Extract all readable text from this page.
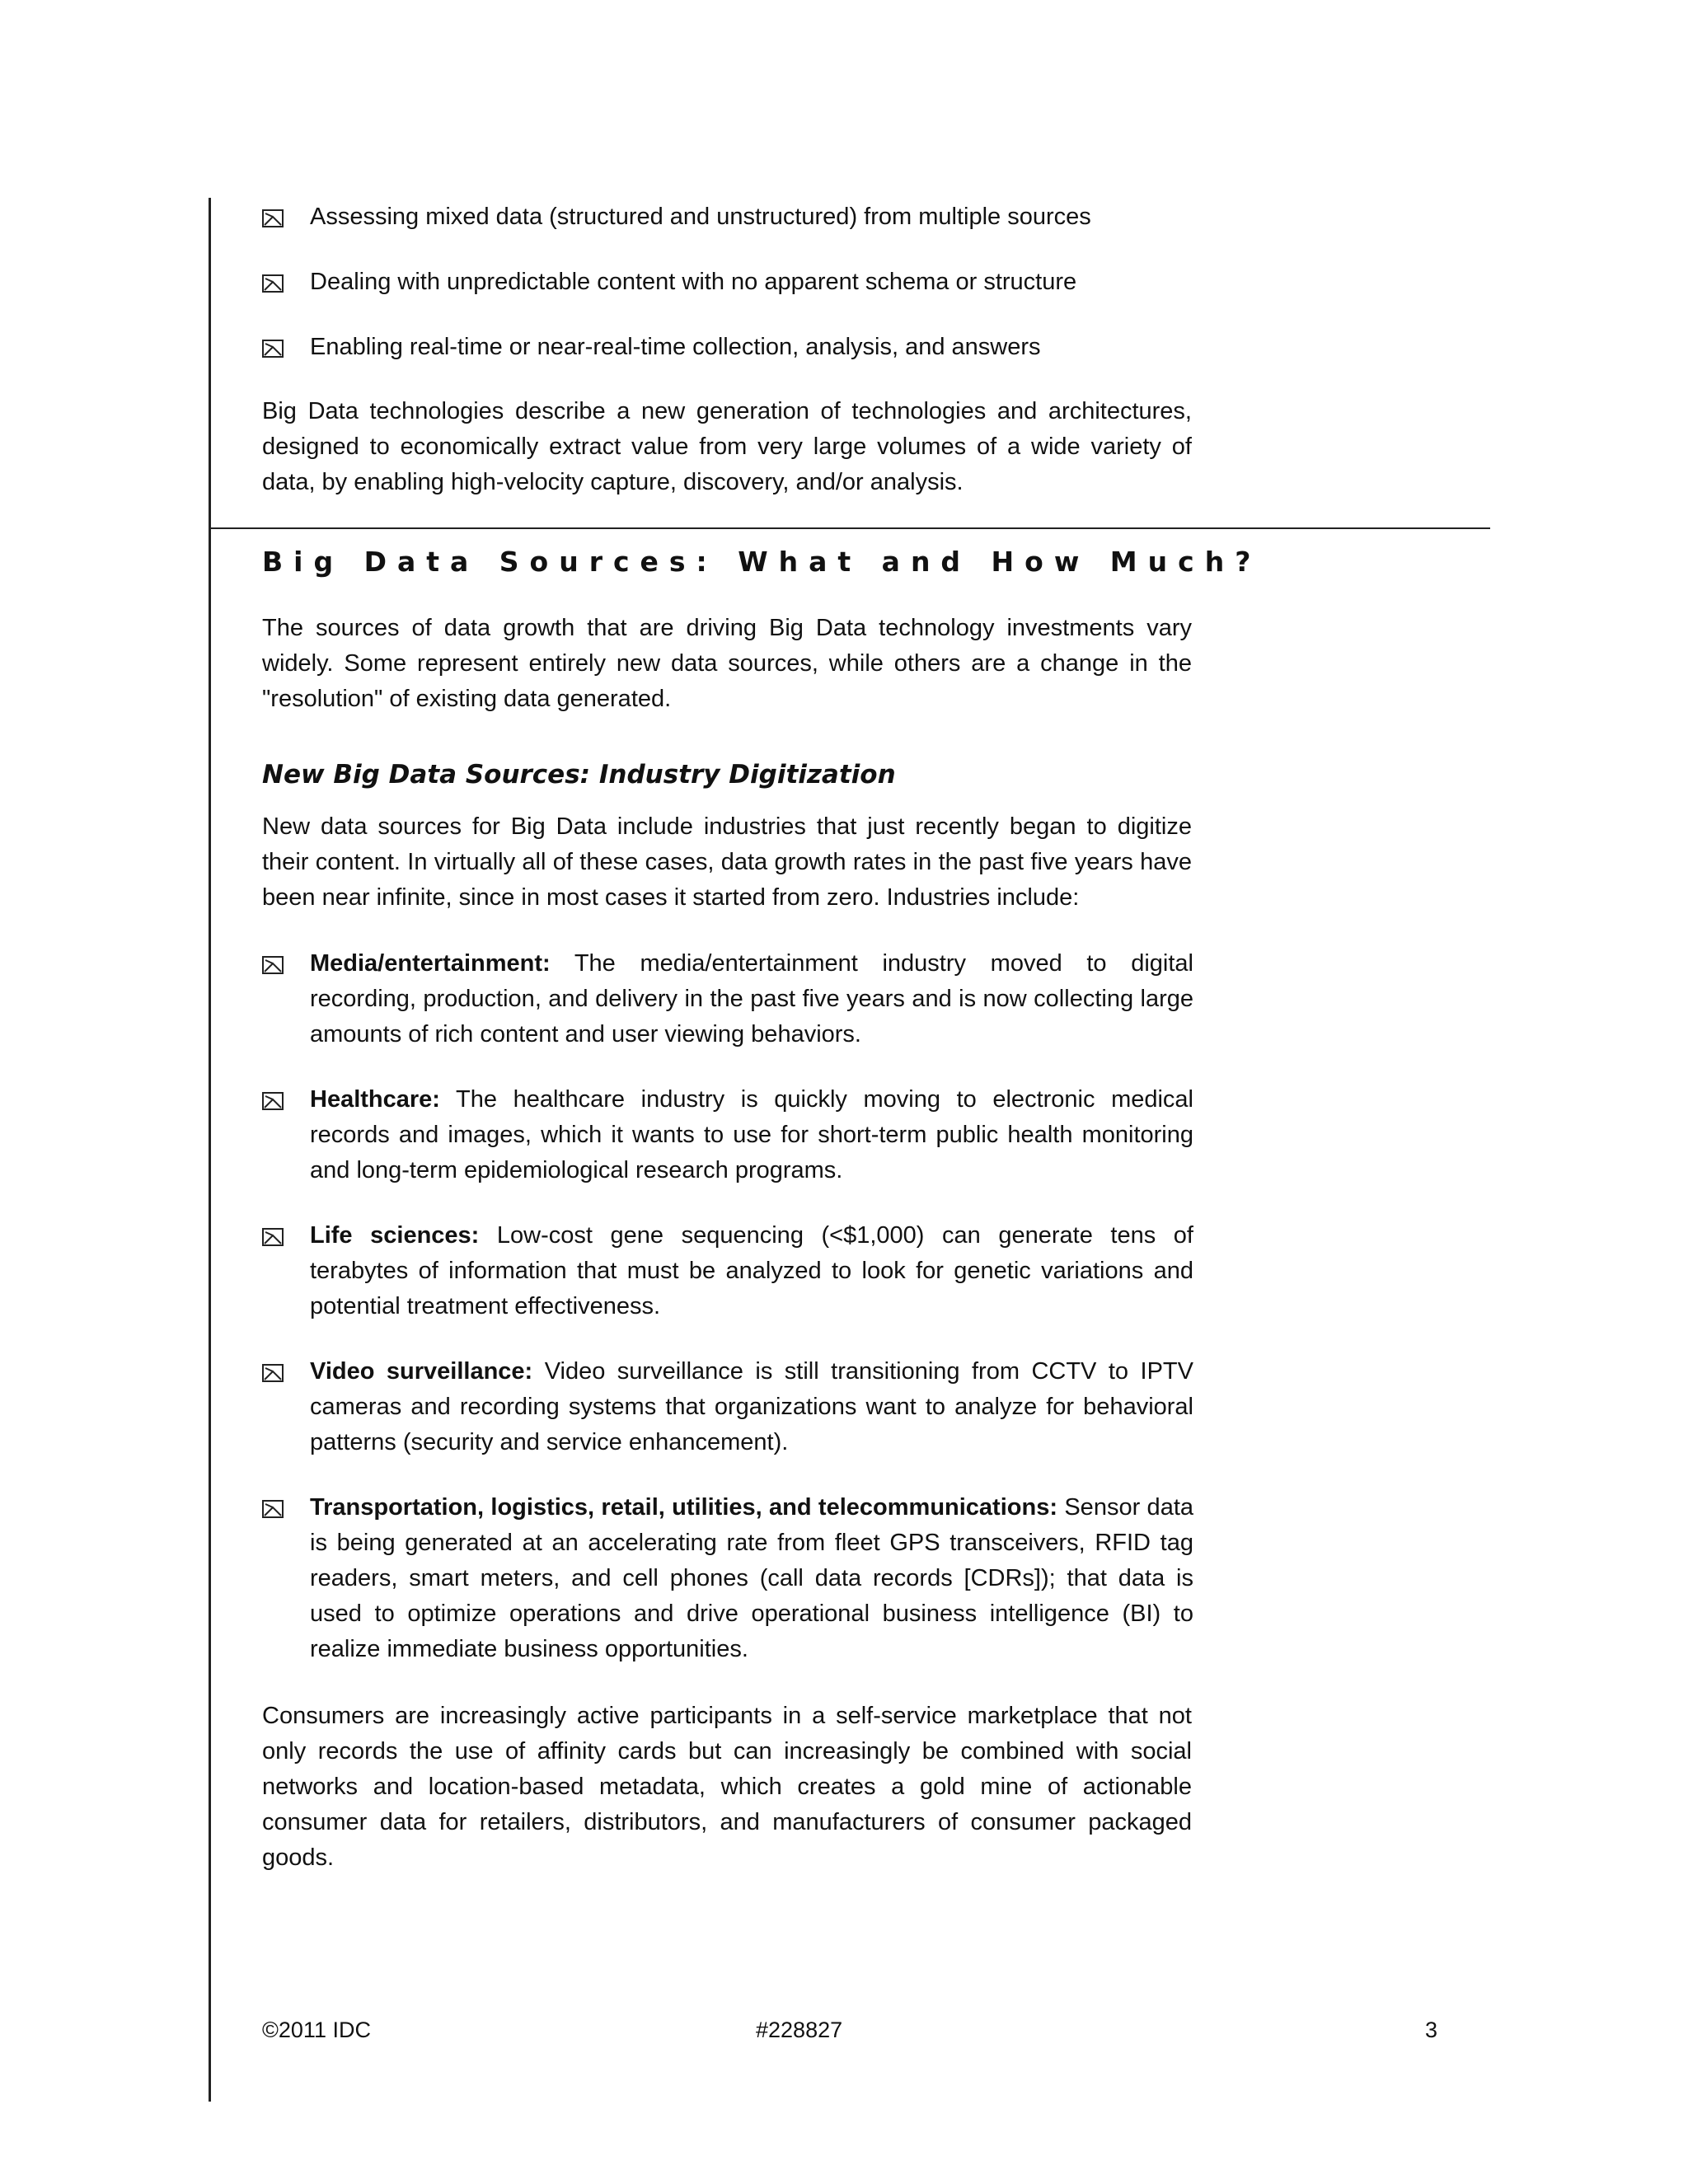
Assessing mixed data (structured and unstructured) from multiple sources
Dealing with unpredictable content with no apparent schema or structure
Enabling real-time or near-real-time collection, analysis, and answers

Big Data technologies describe a new generation of technologies and architectures, designed to economically extract value from very large volumes of a wide variety of data, by enabling high-velocity capture, discovery, and/or analysis.

Big Data Sources: What and How Much?

The sources of data growth that are driving Big Data technology investments vary widely. Some represent entirely new data sources, while others are a change in the "resolution" of existing data generated.

New Big Data Sources: Industry Digitization

New data sources for Big Data include industries that just recently began to digitize their content. In virtually all of these cases, data growth rates in the past five years have been near infinite, since in most cases it started from zero. Industries include:

Media/entertainment: The media/entertainment industry moved to digital recording, production, and delivery in the past five years and is now collecting large amounts of rich content and user viewing behaviors.
Healthcare: The healthcare industry is quickly moving to electronic medical records and images, which it wants to use for short-term public health monitoring and long-term epidemiological research programs.
Life sciences: Low-cost gene sequencing (<$1,000) can generate tens of terabytes of information that must be analyzed to look for genetic variations and potential treatment effectiveness.
Video surveillance: Video surveillance is still transitioning from CCTV to IPTV cameras and recording systems that organizations want to analyze for behavioral patterns (security and service enhancement).
Transportation, logistics, retail, utilities, and telecommunications: Sensor data is being generated at an accelerating rate from fleet GPS transceivers, RFID tag readers, smart meters, and cell phones (call data records [CDRs]); that data is used to optimize operations and drive operational business intelligence (BI) to realize immediate business opportunities.

Consumers are increasingly active participants in a self-service marketplace that not only records the use of affinity cards but can increasingly be combined with social networks and location-based metadata, which creates a gold mine of actionable consumer data for retailers, distributors, and manufacturers of consumer packaged goods.

©2011 IDC	#228827	3
